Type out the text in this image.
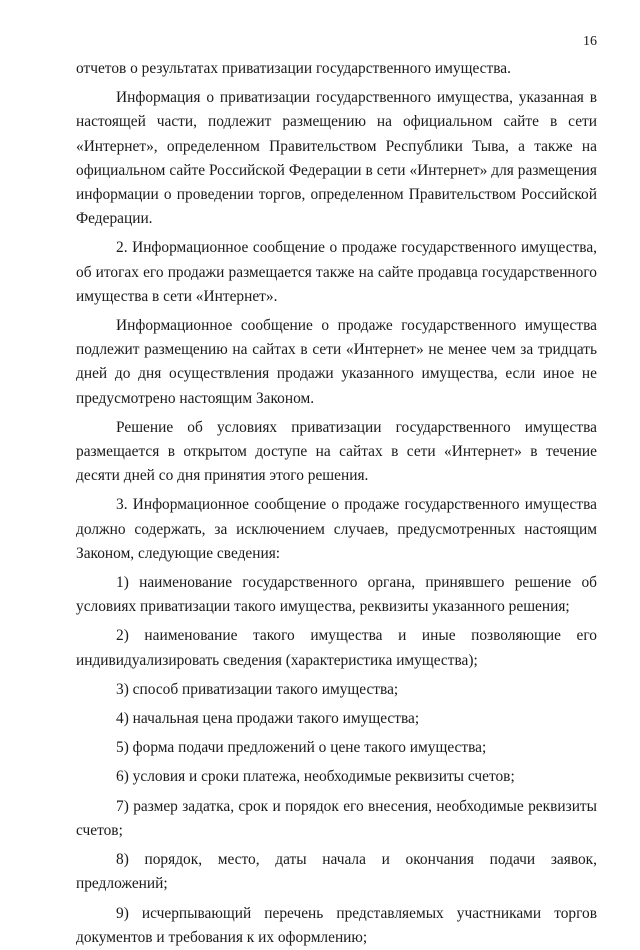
16

отчетов о результатах приватизации государственного имущества.

Информация о приватизации государственного имущества, указанная в настоящей части, подлежит размещению на официальном сайте в сети «Интернет», определенном Правительством Республики Тыва, а также на официальном сайте Российской Федерации в сети «Интернет» для размещения информации о проведении торгов, определенном Правительством Российской Федерации.

2. Информационное сообщение о продаже государственного имущества, об итогах его продажи размещается также на сайте продавца государственного имущества в сети «Интернет».

Информационное сообщение о продаже государственного имущества подлежит размещению на сайтах в сети «Интернет» не менее чем за тридцать дней до дня осуществления продажи указанного имущества, если иное не предусмотрено настоящим Законом.

Решение об условиях приватизации государственного имущества размещается в открытом доступе на сайтах в сети «Интернет» в течение десяти дней со дня принятия этого решения.

3. Информационное сообщение о продаже государственного имущества должно содержать, за исключением случаев, предусмотренных настоящим Законом, следующие сведения:

1) наименование государственного органа, принявшего решение об условиях приватизации такого имущества, реквизиты указанного решения;

2) наименование такого имущества и иные позволяющие его индивидуализировать сведения (характеристика имущества);

3) способ приватизации такого имущества;

4) начальная цена продажи такого имущества;

5) форма подачи предложений о цене такого имущества;

6) условия и сроки платежа, необходимые реквизиты счетов;

7) размер задатка, срок и порядок его внесения, необходимые реквизиты счетов;

8) порядок, место, даты начала и окончания подачи заявок, предложений;

9) исчерпывающий перечень представляемых участниками торгов документов и требования к их оформлению;
